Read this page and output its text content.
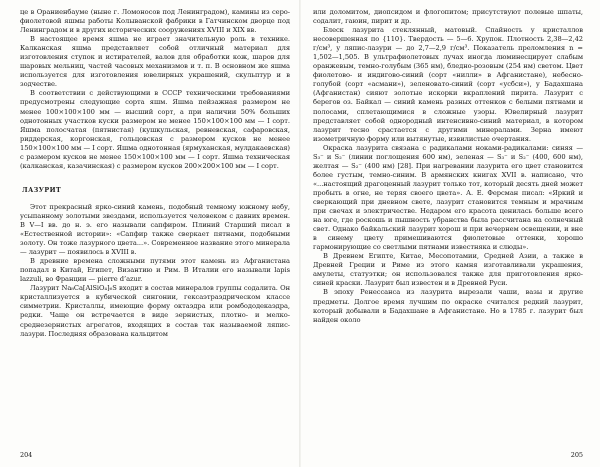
це в Ораниенбауме (ныне г. Ломоносов под Ленинградом), камины из серо-фиолетовой яшмы работы Колыванской фабрики в Гатчинском дворце под Ленинградом и в других исторических сооружениях XVIII и XIX вв.

В настоящее время яшма не играет значительную роль в технике. Калканская яшма представляет собой отличный материал для изготовления ступок и истирателей, валов для обработки кож, шаров для шаровых мельниц, частей часовых механизмов и т. п. В основном же яшма используется для изготовления ювелирных украшений, скульптур и в зодчестве.

В соответствии с действующими в СССР техническими требованиями предусмотрены следующие сорта яшм. Яшма пейзажная размером не менее 100×100×100 мм — высший сорт, а при наличии 50% больших однотонных участков куски размером не менее 150×100×100 мм — I сорт. Яшма полосчатая (пятнистая) (кушкульская, ревневская, сафаровская, риддерская, коргонская, гольцовская с размером кусков не менее 150×100×100 мм — I сорт. Яшма однотонная (ярмуханская, мулдакаевская) с размером кусков не менее 150×100×100 мм — I сорт. Яшма техническая (калканская, казачинская) с размером кусков 200×200×100 мм — I сорт.

ЛАЗУРИТ

Этот прекрасный ярко-синий камень, подобный темному южному небу, усыпанному золотыми звездами, используется человеком с давних времен. В V—I вв. до н. э. его называли сапфиром. Плиний Старший писал в «Естественной истории»: «Сапфир также сверкает пятнами, подобными золоту. Он тоже лазурного цвета...». Современное название этого минерала — лазурит — появилось в XVIII в.

В древние времена сложными путями этот камень из Афганистана попадал в Китай, Египет, Византию и Рим. В Италии его называли lapis lazzuli, во Франции — pierre d’azur.

Лазурит Na₈Ca[AlSiO₄]₆S входит в состав минералов группы содалита. Он кристаллизуется в кубической сингонии, гексаэтраэдрическом классе симметрии. Кристаллы, имеющие форму октаэдра или ромбододекаэдра, редки. Чаще он встречается в виде зернистых, плотно- и мелко-среднезернистых агрегатов, входящих в состав так называемой ляпис-лазури. Последняя образована кальцитом

204

или доломитом, диопсидом и флогопитом; присутствуют полевые шпаты, содалит, гаюин, пирит и др.

Блеск лазурита стеклянный, матовый. Спайность у кристаллов несовершенная по {110}. Твердость — 5—6. Хрупок. Плотность 2,38—2,42 г/см³, у ляпис-лазури — до 2,7—2,9 г/см³. Показатель преломления n = 1,502—1,505. В ультрафиолетовых лучах иногда люминесцирует слабым оранжевым, темно-голубым (365 нм), бледно-розовым (254 нм) светом. Цвет фиолетово- и индигово-синий (сорт «нилли» в Афганистане), небесно-голубой (сорт «асмани»), зеленовато-синий (сорт «усбси»), у Бадахшана (Афганистан) сияют золотые искорки вкраплений пирита. Лазурит с берегов оз. Байкал — синий камень разных оттенков с белыми пятнами и полосами, сплетающимися в сложные узоры. Ювелирный лазурит представляет собой однородный интенсивно-синий материал, в котором лазурит тесно срастается с другими минералами. Зерна имеют изометричную форму или вытянутые, извилистые очертания.

Окраска лазурита связана с радикалами ноками-радикалами: синяя — S₃⁻ и S₂⁻ (линии поглощения 600 нм), зеленая — S₃⁻ и S₂⁻ (400, 600 нм), желтая — S₂⁻ (400 нм) [28]. При нагревании лазурита его цвет становится более густым, темно-синим. В армянских книгах XVII в. написано, что «...настоящий драгоценный лазурит только тот, который десять дней может пробыть в огне, не теряя своего цвета». А. Е. Ферсман писал: «Яркий и сверкающий при дневном свете, лазурит становится темным и мрачным при свечах и электричестве. Недаром его красота ценилась больше всего на юге, где роскошь и пышность убранства была рассчитана на солнечный свет. Однако байкальский лазурит хорош и при вечернем освещении, и вне в синему цвету примешиваются фиолетовые оттенки, хорошо гармонирующие со светлыми пятнами известняка и слюды».

В Древнем Египте, Китае, Месопотамии, Средней Азии, а также в Древней Греции и Риме из этого камня изготавливали украшения, амулеты, статуэтки; он использовался также для приготовления ярко-синей краски. Лазурит был известен и в Древней Руси.

В эпоху Ренессанса из лазурита вырезали чаши, вазы и другие предметы. Долгое время лучшим по окраске считался редкий лазурит, который добывали в Бадахшане в Афганистане. Но в 1785 г. лазурит был найден около

205
